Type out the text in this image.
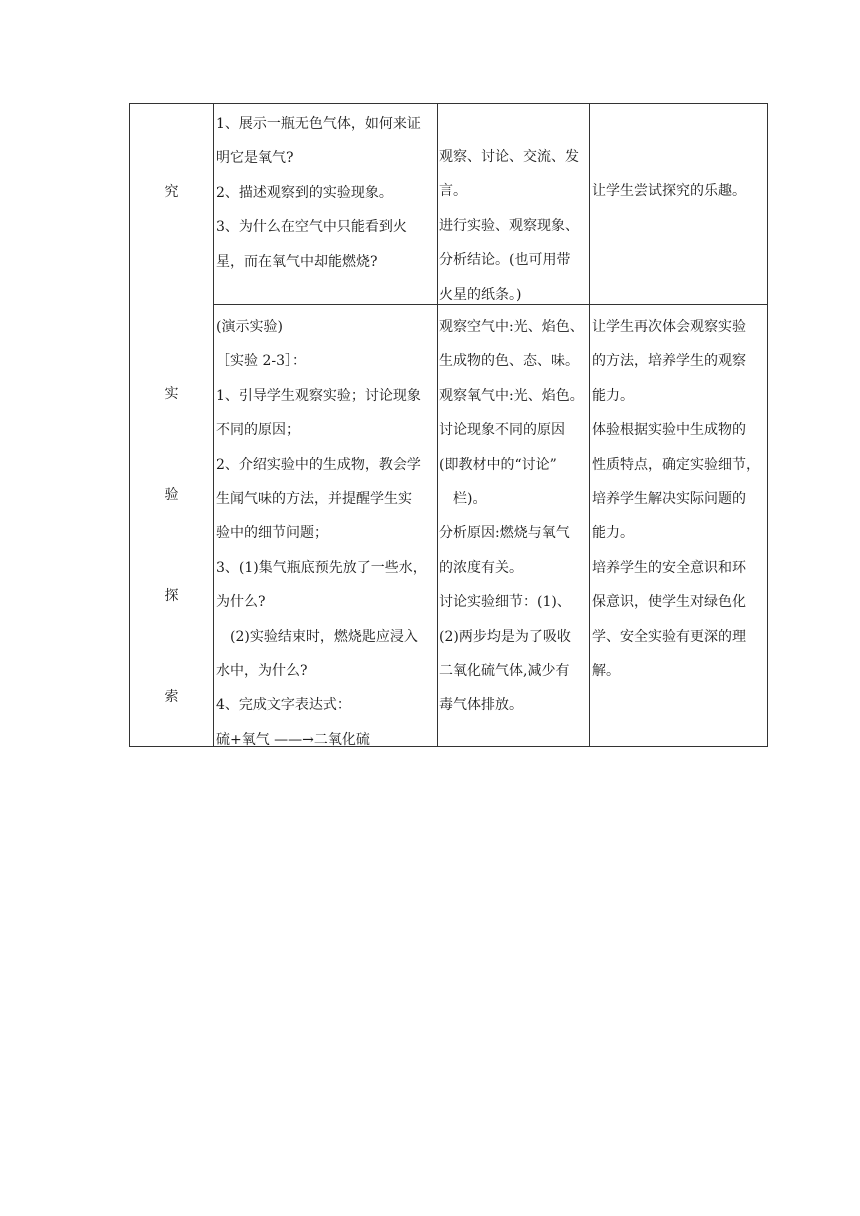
究
实
验
探
索
1、展示一瓶无色气体，如何来证
明它是氧气?
2、描述观察到的实验现象。
3、为什么在空气中只能看到火
星，而在氧气中却能燃烧?
观察、讨论、交流、发
言。
进行实验、观察现象、
分析结论。(也可用带
火星的纸条。)
让学生尝试探究的乐趣。
(演示实验)
［实验 2-3］：
1、引导学生观察实验；讨论现象
不同的原因；
2、介绍实验中的生成物，教会学
生闻气味的方法，并提醒学生实
验中的细节问题；
3、(1)集气瓶底预先放了一些水，
为什么?
　(2)实验结束时，燃烧匙应浸入
水中，为什么?
4、完成文字表达式：
硫+氧气 ——→二氧化硫
观察空气中:光、焰色、
生成物的色、态、味。
观察氧气中:光、焰色。
讨论现象不同的原因
(即教材中的“讨论”
　栏)。
分析原因:燃烧与氧气
的浓度有关。
讨论实验细节：(1)、
(2)两步均是为了吸收
二氧化硫气体,减少有
毒气体排放。
让学生再次体会观察实验
的方法，培养学生的观察
能力。
体验根据实验中生成物的
性质特点，确定实验细节，
培养学生解决实际问题的
能力。
培养学生的安全意识和环
保意识，使学生对绿色化
学、安全实验有更深的理
解。
